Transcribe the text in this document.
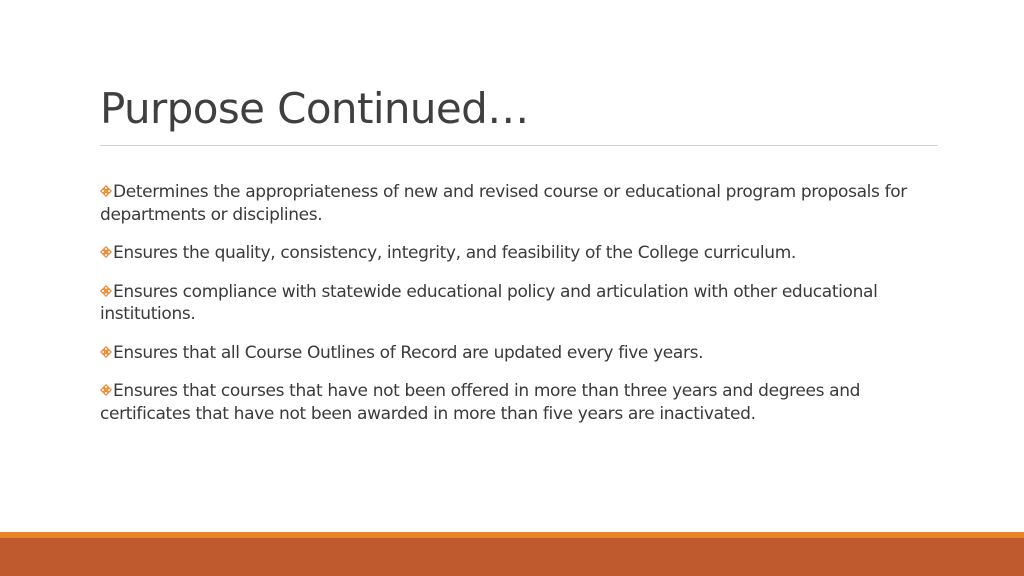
Purpose Continued…
Determines the appropriateness of new and revised course or educational program proposals for departments or disciplines.
Ensures the quality, consistency, integrity, and feasibility of the College curriculum.
Ensures compliance with statewide educational policy and articulation with other educational institutions.
Ensures that all Course Outlines of Record are updated every five years.
Ensures that courses that have not been offered in more than three years and degrees and certificates that have not been awarded in more than five years are inactivated.
